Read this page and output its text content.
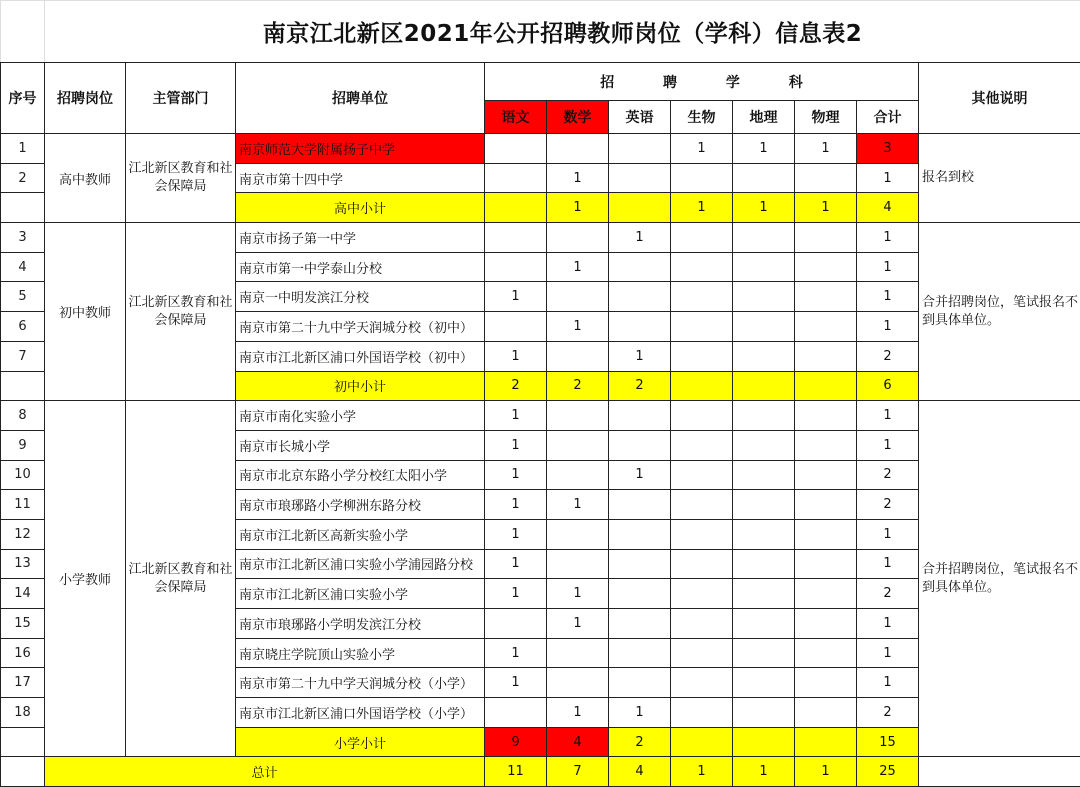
	南京江北新区2021年公开招聘教师岗位（学科）信息表2										
序号	招聘岗位	主管部门	招聘单位	招 聘 学 科							其他说明
				语文	数学	英语	生物	地理	物理	合计	
1	高中教师	江北新区教育和社会保障局	南京师范大学附属扬子中学				1	1	1	3	报名到校
2			南京市第十四中学		1					1	
			高中小计		1		1	1	1	4	
3	初中教师	江北新区教育和社会保障局	南京市扬子第一中学			1				1	合并招聘岗位，笔试报名不到具体单位。
4			南京市第一中学泰山分校		1					1	
5			南京一中明发滨江分校	1						1	
6			南京市第二十九中学天润城分校（初中）		1					1	
7			南京市江北新区浦口外国语学校（初中）	1		1				2	
			初中小计	2	2	2				6	
8	小学教师	江北新区教育和社会保障局	南京市南化实验小学	1						1	合并招聘岗位，笔试报名不到具体单位。
9			南京市长城小学	1						1	
10			南京市北京东路小学分校红太阳小学	1		1				2	
11			南京市琅琊路小学柳洲东路分校	1	1					2	
12			南京市江北新区高新实验小学	1						1	
13			南京市江北新区浦口实验小学浦园路分校	1						1	
14			南京市江北新区浦口实验小学	1	1					2	
15			南京市琅琊路小学明发滨江分校		1					1	
16			南京晓庄学院顶山实验小学	1						1	
17			南京市第二十九中学天润城分校（小学）	1						1	
18			南京市江北新区浦口外国语学校（小学）		1	1				2	
			小学小计	9	4	2				15	
	总计			11	7	4	1	1	1	25	
